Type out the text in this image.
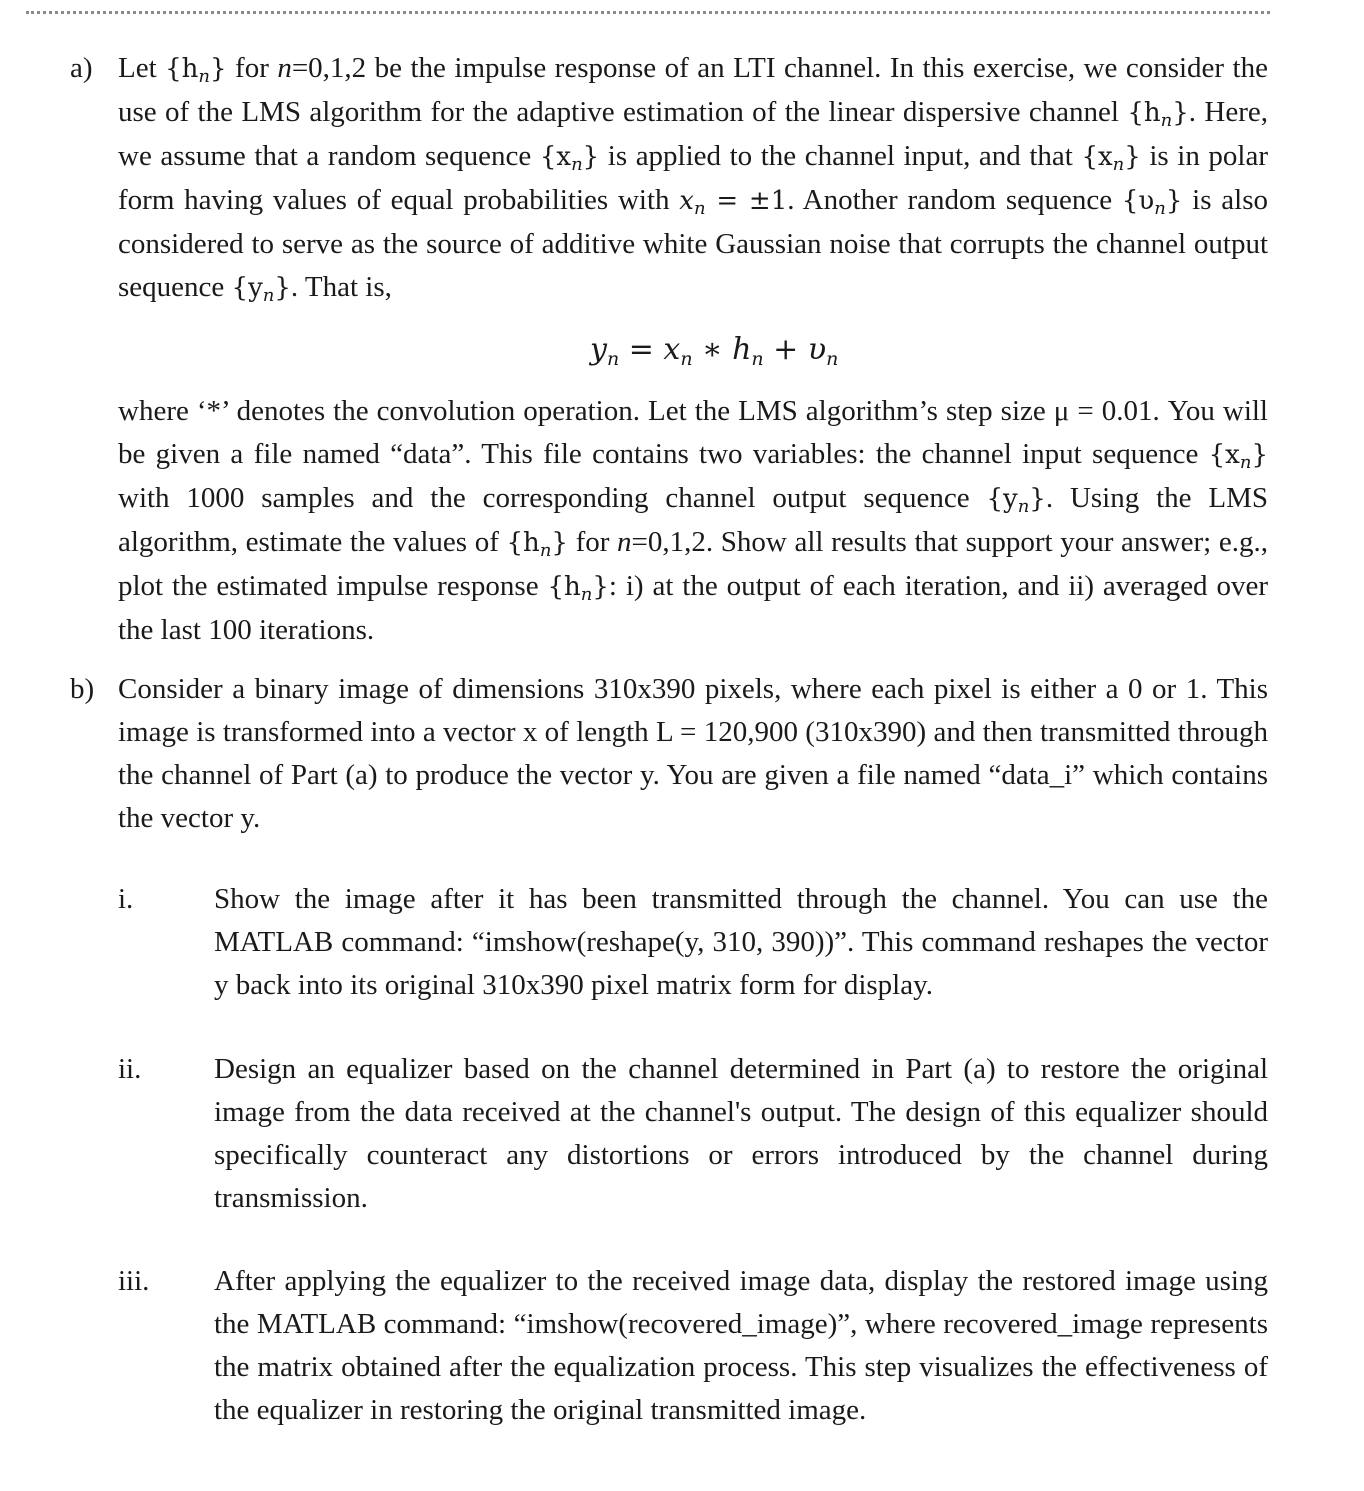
a) Let $\{h_n\}$ for n=0,1,2 be the impulse response of an LTI channel. In this exercise, we consider the use of the LMS algorithm for the adaptive estimation of the linear dispersive channel $\{h_n\}$. Here, we assume that a random sequence $\{x_n\}$ is applied to the channel input, and that $\{x_n\}$ is in polar form having values of equal probabilities with $x_n = \pm 1$. Another random sequence $\{\upsilon_n\}$ is also considered to serve as the source of additive white Gaussian noise that corrupts the channel output sequence $\{y_n\}$. That is,
$y_n = x_n$ ∗ $h_n + \upsilon_n$
where ‘*’ denotes the convolution operation. Let the LMS algorithm’s step size μ = 0.01. You will be given a file named “data”. This file contains two variables: the channel input sequence $\{x_n\}$ with 1000 samples and the corresponding channel output sequence $\{y_n\}$. Using the LMS algorithm, estimate the values of $\{h_n\}$ for n=0,1,2. Show all results that support your answer; e.g., plot the estimated impulse response $\{h_n\}$: i) at the output of each iteration, and ii) averaged over the last 100 iterations.
b) Consider a binary image of dimensions 310x390 pixels, where each pixel is either a 0 or 1. This image is transformed into a vector x of length L = 120,900 (310x390) and then transmitted through the channel of Part (a) to produce the vector y. You are given a file named “data_i” which contains the vector y.
i.	Show the image after it has been transmitted through the channel. You can use the MATLAB command: “imshow(reshape(y, 310, 390))”. This command reshapes the vector y back into its original 310x390 pixel matrix form for display.
ii.	Design an equalizer based on the channel determined in Part (a) to restore the original image from the data received at the channel's output. The design of this equalizer should specifically counteract any distortions or errors introduced by the channel during transmission.
iii. After applying the equalizer to the received image data, display the restored image using the MATLAB command: “imshow(recovered_image)”, where recovered_image represents the matrix obtained after the equalization process. This step visualizes the effectiveness of the equalizer in restoring the original transmitted image.
